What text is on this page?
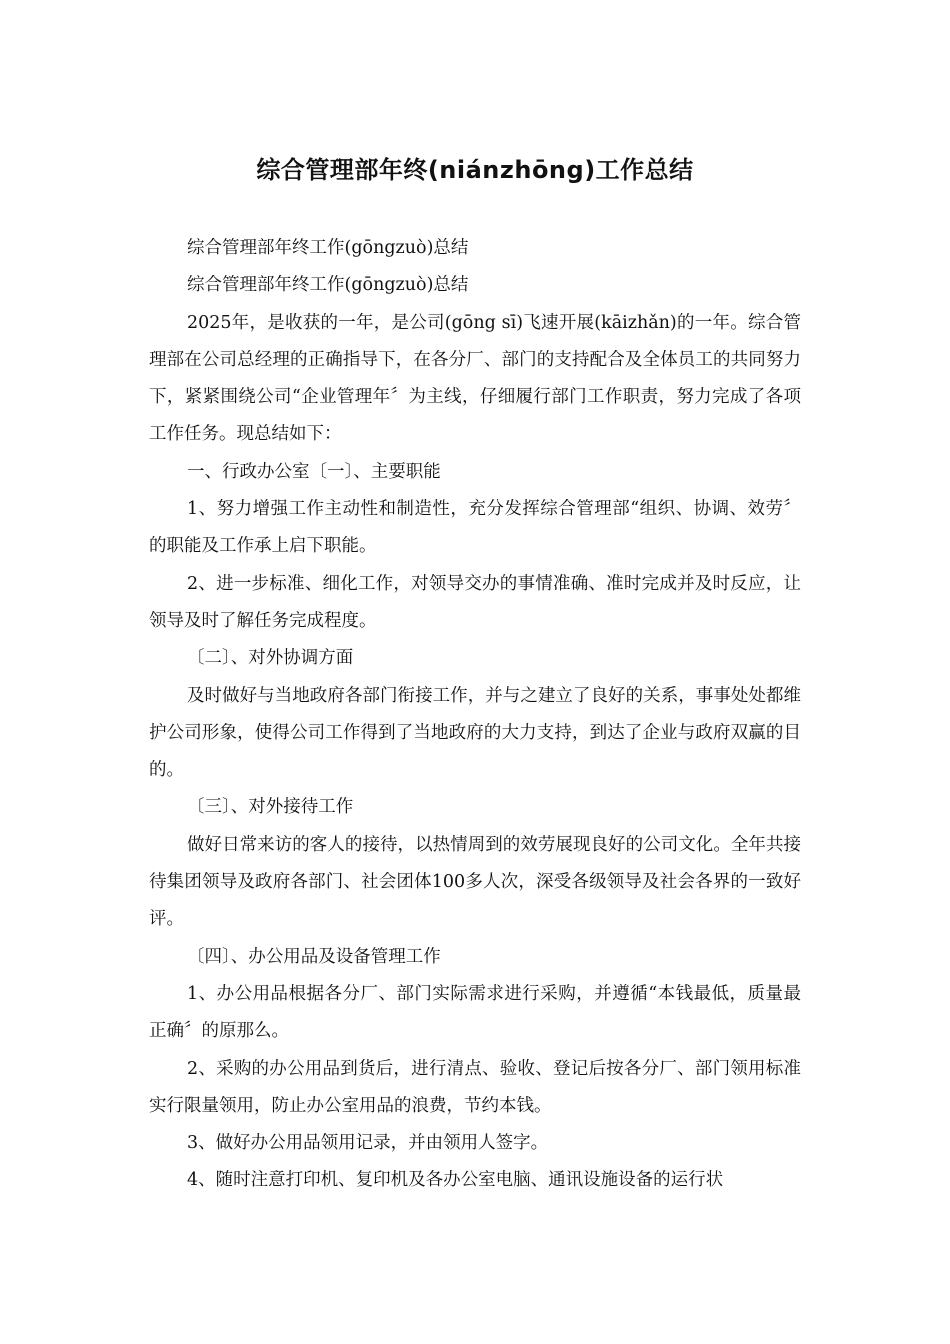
综合管理部年终(niánzhōng)工作总结

综合管理部年终工作(gōngzuò)总结

综合管理部年终工作(gōngzuò)总结

2025年，是收获的一年，是公司(gōng sī)飞速开展(kāizhǎn)的一年。综合管理部在公司总经理的正确指导下，在各分厂、部门的支持配合及全体员工的共同努力下，紧紧围绕公司“企业管理年〞为主线，仔细履行部门工作职责，努力完成了各项工作任务。现总结如下：

一、行政办公室〔一〕、主要职能

1、努力增强工作主动性和制造性，充分发挥综合管理部“组织、协调、效劳〞的职能及工作承上启下职能。

2、进一步标准、细化工作，对领导交办的事情准确、准时完成并及时反应，让领导及时了解任务完成程度。

〔二〕、对外协调方面

及时做好与当地政府各部门衔接工作，并与之建立了良好的关系，事事处处都维护公司形象，使得公司工作得到了当地政府的大力支持，到达了企业与政府双赢的目的。

〔三〕、对外接待工作

做好日常来访的客人的接待，以热情周到的效劳展现良好的公司文化。全年共接待集团领导及政府各部门、社会团体100多人次，深受各级领导及社会各界的一致好评。

〔四〕、办公用品及设备管理工作

1、办公用品根据各分厂、部门实际需求进行采购，并遵循“本钱最低，质量最正确〞的原那么。

2、采购的办公用品到货后，进行清点、验收、登记后按各分厂、部门领用标准实行限量领用，防止办公室用品的浪费，节约本钱。

3、做好办公用品领用记录，并由领用人签字。

4、随时注意打印机、复印机及各办公室电脑、通讯设施设备的运行状
